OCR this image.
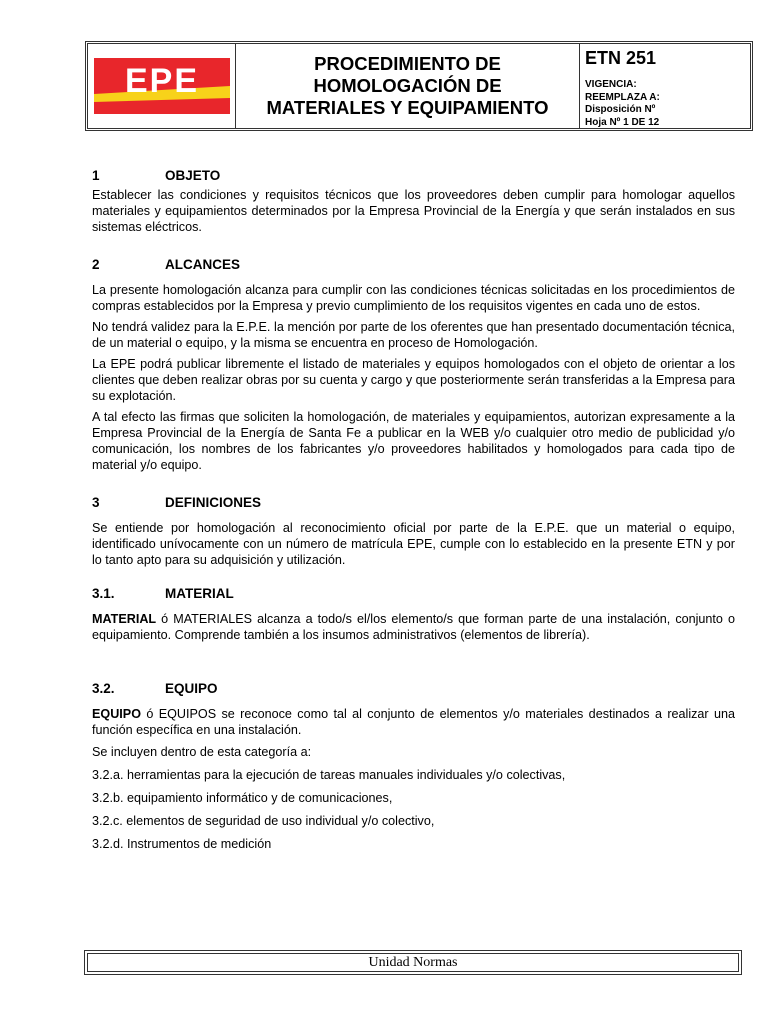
EPE	PROCEDIMIENTO DE
HOMOLOGACIÓN DE
MATERIALES Y EQUIPAMIENTO
ETN 251
VIGENCIA:
REEMPLAZA A:
Disposición Nº
Hoja Nº 1 DE 12
1	OBJETO

Establecer las condiciones y requisitos técnicos que los proveedores deben cumplir para homologar aquellos materiales y equipamientos determinados por la Empresa Provincial de la Energía y que serán instalados en sus sistemas eléctricos.

2	ALCANCES

La presente homologación alcanza para cumplir con las condiciones técnicas solicitadas en los procedimientos de compras establecidos por la Empresa y previo cumplimiento de los requisitos vigentes en cada uno de estos.

No tendrá validez para la E.P.E. la mención por parte de los oferentes que han presentado documentación técnica, de un material o equipo, y la misma se encuentra en proceso de Homologación.

La EPE podrá publicar libremente el listado de materiales y equipos homologados con el objeto de orientar a los clientes que deben realizar obras por su cuenta y cargo y que posteriormente serán transferidas a la Empresa para su explotación.

A tal efecto las firmas que soliciten la homologación, de materiales y equipamientos, autorizan expresamente a la Empresa Provincial de la Energía de Santa Fe a publicar en la WEB y/o cualquier otro medio de publicidad y/o comunicación, los nombres de los fabricantes y/o proveedores habilitados y homologados para cada tipo de material y/o equipo.

3	DEFINICIONES

Se entiende por homologación al reconocimiento oficial por parte de la E.P.E. que un material o equipo, identificado unívocamente con un número de matrícula EPE, cumple con lo establecido en la presente ETN y por lo tanto apto para su adquisición y utilización.

3.1.	MATERIAL

MATERIAL ó MATERIALES alcanza a todo/s el/los elemento/s que forman parte de una instalación, conjunto o equipamiento. Comprende también a los insumos administrativos (elementos de librería).

3.2.	EQUIPO

EQUIPO ó EQUIPOS se reconoce como tal al conjunto de elementos y/o materiales destinados a realizar una función específica en una instalación.

Se incluyen dentro de esta categoría a:

3.2.a. herramientas para la ejecución de tareas manuales individuales y/o colectivas,

3.2.b. equipamiento informático y de comunicaciones,

3.2.c. elementos de seguridad de uso individual y/o colectivo,

3.2.d. Instrumentos de medición

Unidad Normas
